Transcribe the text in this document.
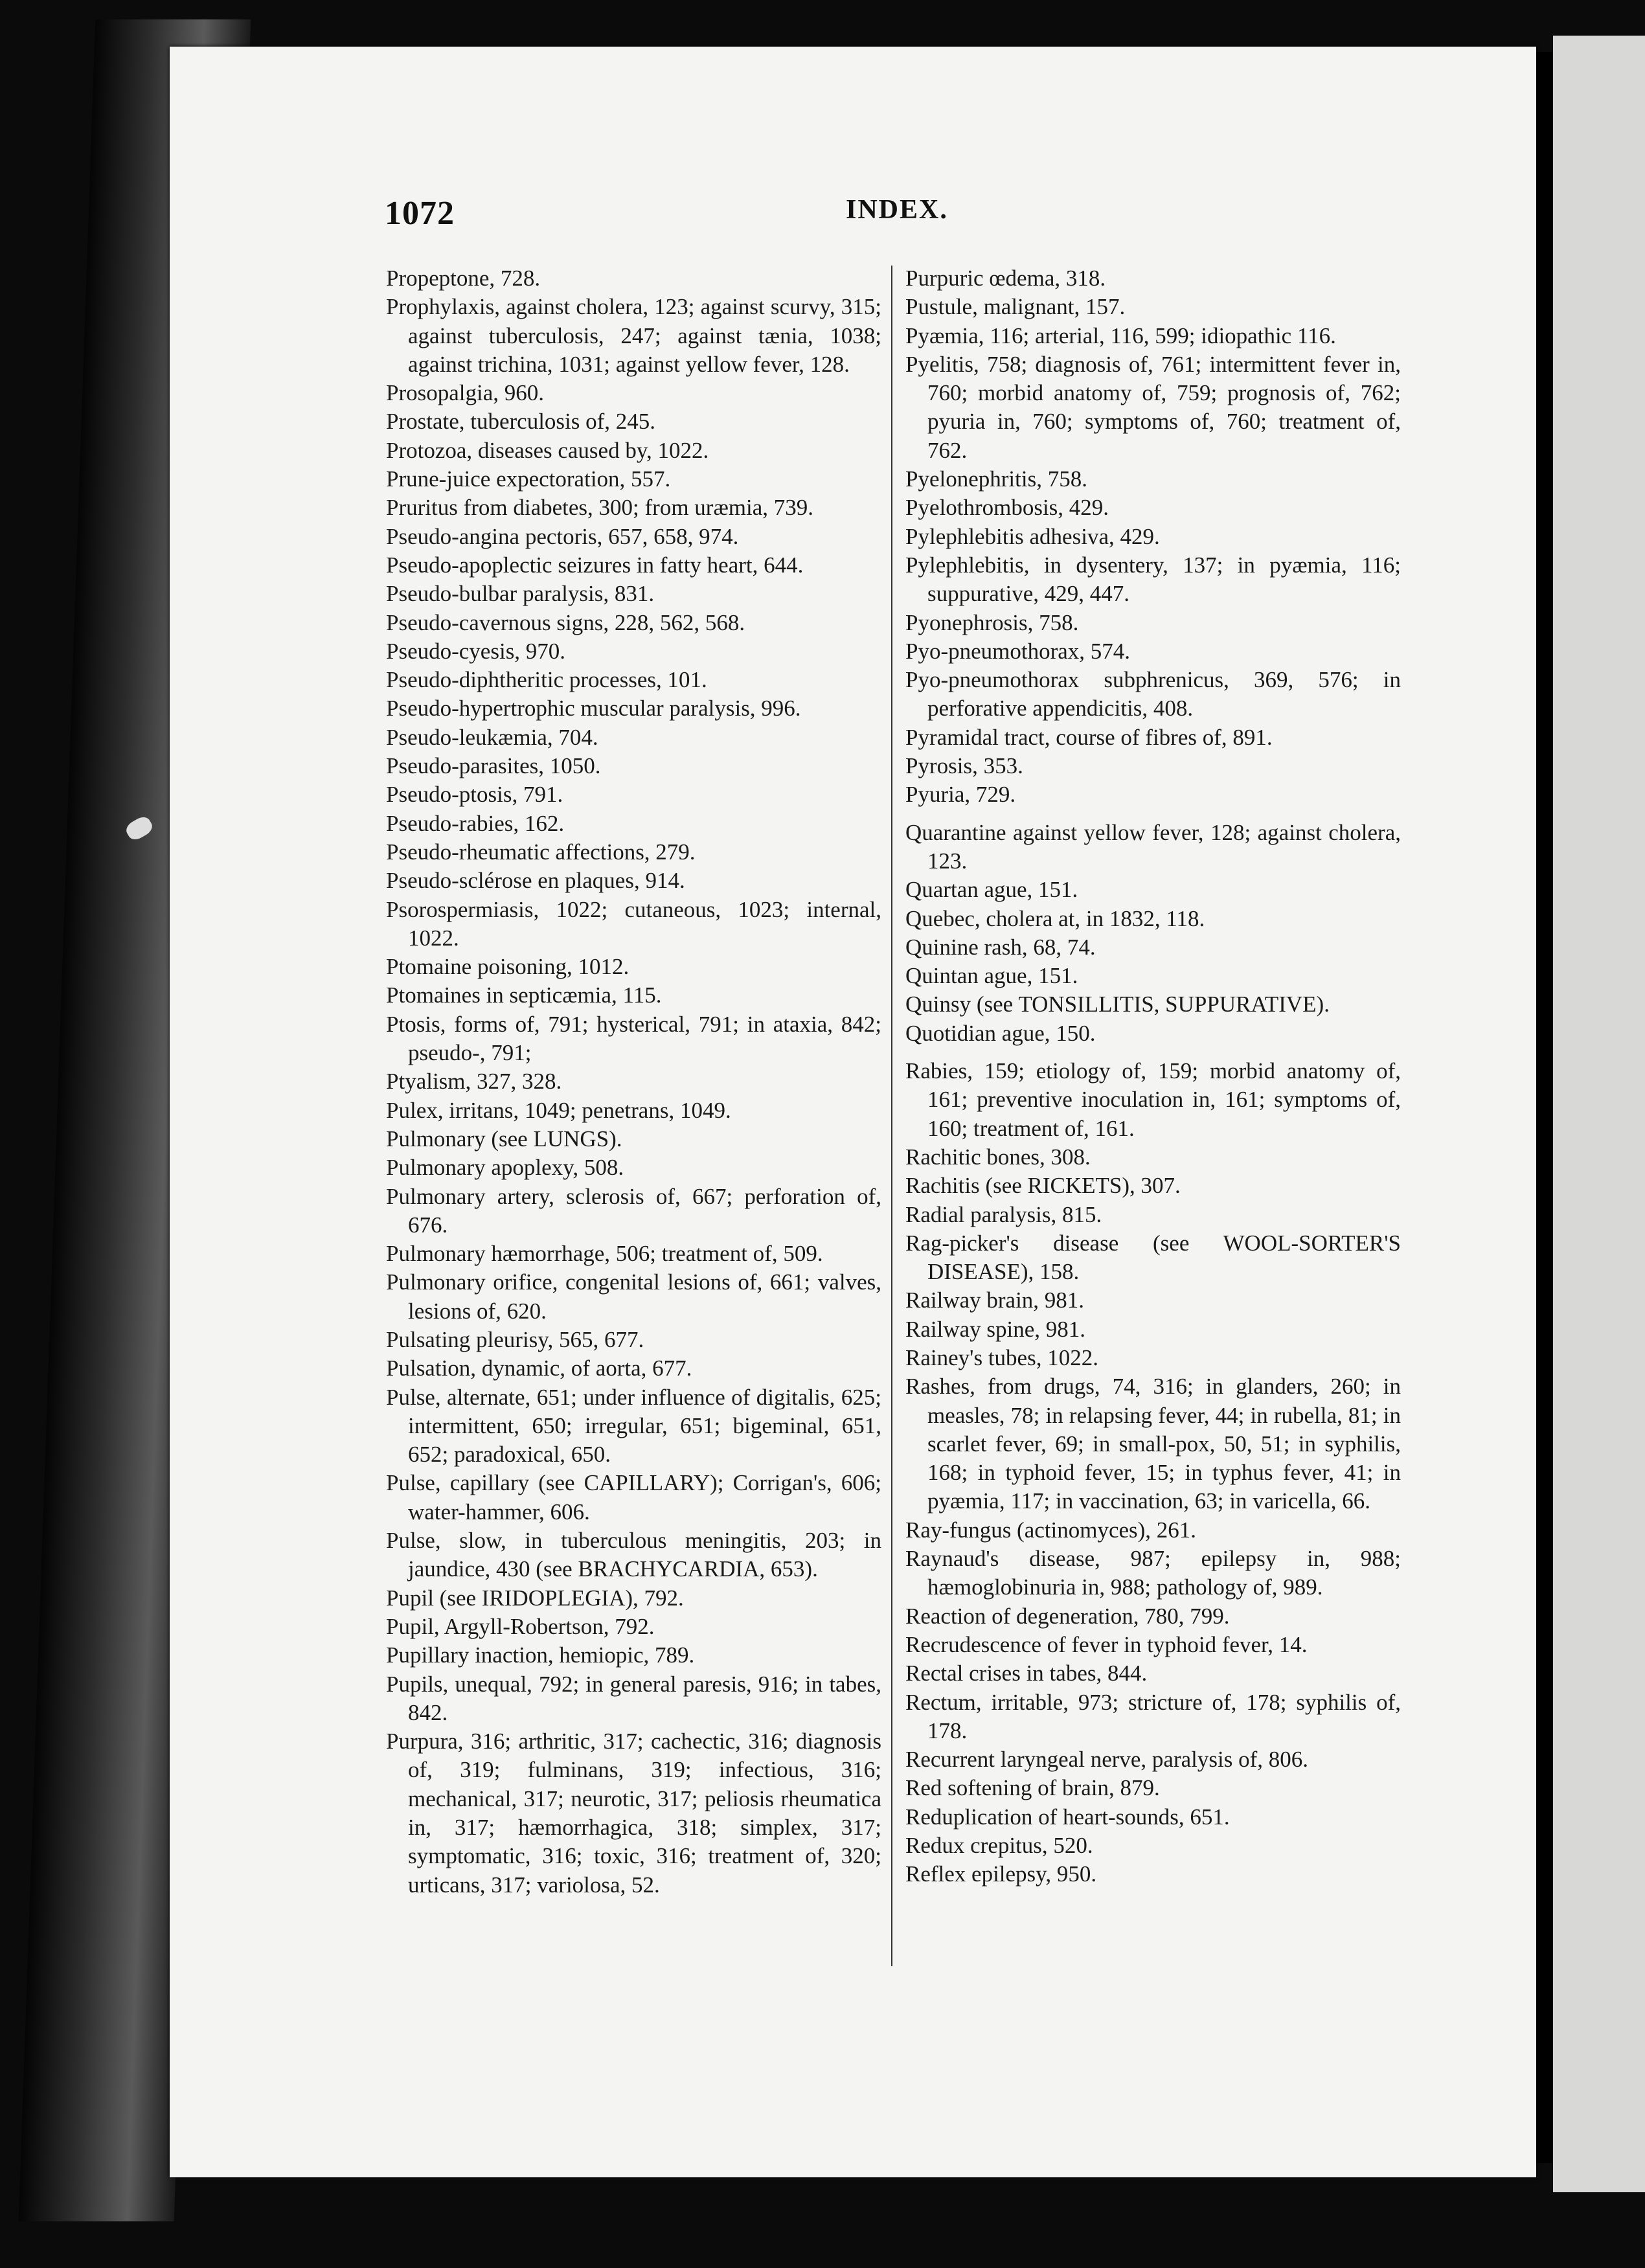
1072	INDEX.

Propeptone, 728.

Prophylaxis, against cholera, 123; against scurvy, 315; against tuberculosis, 247; against tænia, 1038; against trichina, 1031; against yellow fever, 128.

Prosopalgia, 960.

Prostate, tuberculosis of, 245.

Protozoa, diseases caused by, 1022.

Prune-juice expectoration, 557.

Pruritus from diabetes, 300; from uræmia, 739.

Pseudo-angina pectoris, 657, 658, 974.

Pseudo-apoplectic seizures in fatty heart, 644.

Pseudo-bulbar paralysis, 831.

Pseudo-cavernous signs, 228, 562, 568.

Pseudo-cyesis, 970.

Pseudo-diphtheritic processes, 101.

Pseudo-hypertrophic muscular paralysis, 996.

Pseudo-leukæmia, 704.

Pseudo-parasites, 1050.

Pseudo-ptosis, 791.

Pseudo-rabies, 162.

Pseudo-rheumatic affections, 279.

Pseudo-sclérose en plaques, 914.

Psorospermiasis, 1022; cutaneous, 1023; internal, 1022.

Ptomaine poisoning, 1012.

Ptomaines in septicæmia, 115.

Ptosis, forms of, 791; hysterical, 791; in ataxia, 842; pseudo-, 791;

Ptyalism, 327, 328.

Pulex, irritans, 1049; penetrans, 1049.

Pulmonary (see LUNGS).

Pulmonary apoplexy, 508.

Pulmonary artery, sclerosis of, 667; perforation of, 676.

Pulmonary hæmorrhage, 506; treatment of, 509.

Pulmonary orifice, congenital lesions of, 661; valves, lesions of, 620.

Pulsating pleurisy, 565, 677.

Pulsation, dynamic, of aorta, 677.

Pulse, alternate, 651; under influence of digitalis, 625; intermittent, 650; irregular, 651; bigeminal, 651, 652; paradoxical, 650.

Pulse, capillary (see CAPILLARY); Corrigan's, 606; water-hammer, 606.

Pulse, slow, in tuberculous meningitis, 203; in jaundice, 430 (see BRACHYCARDIA, 653).

Pupil (see IRIDOPLEGIA), 792.

Pupil, Argyll-Robertson, 792.

Pupillary inaction, hemiopic, 789.

Pupils, unequal, 792; in general paresis, 916; in tabes, 842.

Purpura, 316; arthritic, 317; cachectic, 316; diagnosis of, 319; fulminans, 319; infectious, 316; mechanical, 317; neurotic, 317; peliosis rheumatica in, 317; hæmorrhagica, 318; simplex, 317; symptomatic, 316; toxic, 316; treatment of, 320; urticans, 317; variolosa, 52.

Purpuric œdema, 318.

Pustule, malignant, 157.

Pyæmia, 116; arterial, 116, 599; idiopathic 116.

Pyelitis, 758; diagnosis of, 761; intermittent fever in, 760; morbid anatomy of, 759; prognosis of, 762; pyuria in, 760; symptoms of, 760; treatment of, 762.

Pyelonephritis, 758.

Pyelothrombosis, 429.

Pylephlebitis adhesiva, 429.

Pylephlebitis, in dysentery, 137; in pyæmia, 116; suppurative, 429, 447.

Pyonephrosis, 758.

Pyo-pneumothorax, 574.

Pyo-pneumothorax subphrenicus, 369, 576; in perforative appendicitis, 408.

Pyramidal tract, course of fibres of, 891.

Pyrosis, 353.

Pyuria, 729.

Quarantine against yellow fever, 128; against cholera, 123.

Quartan ague, 151.

Quebec, cholera at, in 1832, 118.

Quinine rash, 68, 74.

Quintan ague, 151.

Quinsy (see TONSILLITIS, SUPPURATIVE).

Quotidian ague, 150.

Rabies, 159; etiology of, 159; morbid anatomy of, 161; preventive inoculation in, 161; symptoms of, 160; treatment of, 161.

Rachitic bones, 308.

Rachitis (see RICKETS), 307.

Radial paralysis, 815.

Rag-picker's disease (see WOOL-SORTER'S DISEASE), 158.

Railway brain, 981.

Railway spine, 981.

Rainey's tubes, 1022.

Rashes, from drugs, 74, 316; in glanders, 260; in measles, 78; in relapsing fever, 44; in rubella, 81; in scarlet fever, 69; in small-pox, 50, 51; in syphilis, 168; in typhoid fever, 15; in typhus fever, 41; in pyæmia, 117; in vaccination, 63; in varicella, 66.

Ray-fungus (actinomyces), 261.

Raynaud's disease, 987; epilepsy in, 988; hæmoglobinuria in, 988; pathology of, 989.

Reaction of degeneration, 780, 799.

Recrudescence of fever in typhoid fever, 14.

Rectal crises in tabes, 844.

Rectum, irritable, 973; stricture of, 178; syphilis of, 178.

Recurrent laryngeal nerve, paralysis of, 806.

Red softening of brain, 879.

Reduplication of heart-sounds, 651.

Redux crepitus, 520.

Reflex epilepsy, 950.
